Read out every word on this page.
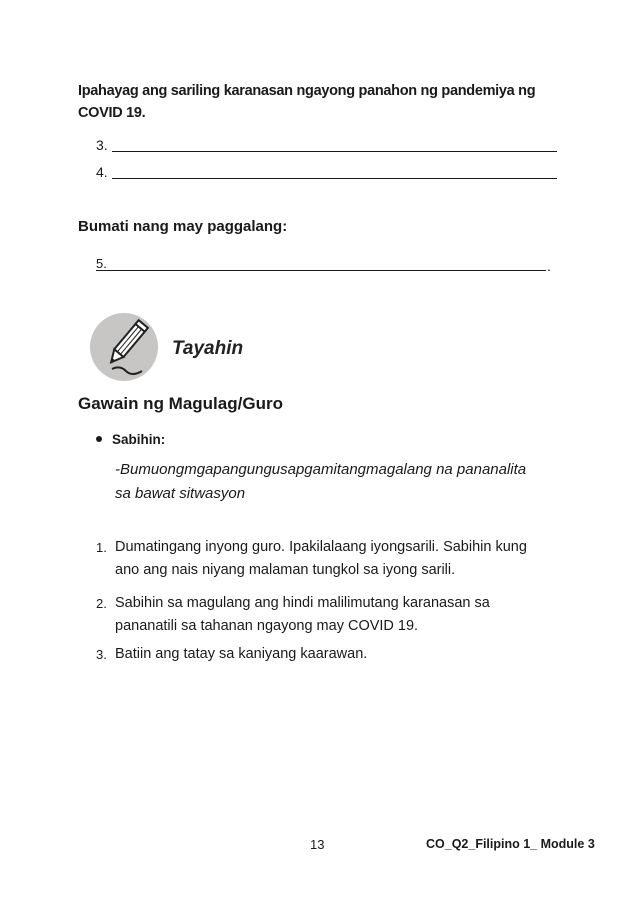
Ipahayag ang sariling karanasan ngayong panahon ng pandemiya ng COVID 19.
3.
4.
Bumati nang may paggalang:
5.	.
Tayahin
Gawain ng Magulag/Guro
Sabihin:
-Bumuongmgapangungusapgamitangmagalang na pananalita sa bawat sitwasyon
1. Dumatingang inyong guro. Ipakilalaang iyongsarili. Sabihin kung ano ang nais niyang malaman tungkol sa iyong sarili.
2. Sabihin sa magulang ang hindi malilimutang karanasan sa pananatili sa tahanan ngayong may COVID 19.
3. Batiin ang tatay sa kaniyang kaarawan.
13	CO_Q2_Filipino 1_ Module 3
